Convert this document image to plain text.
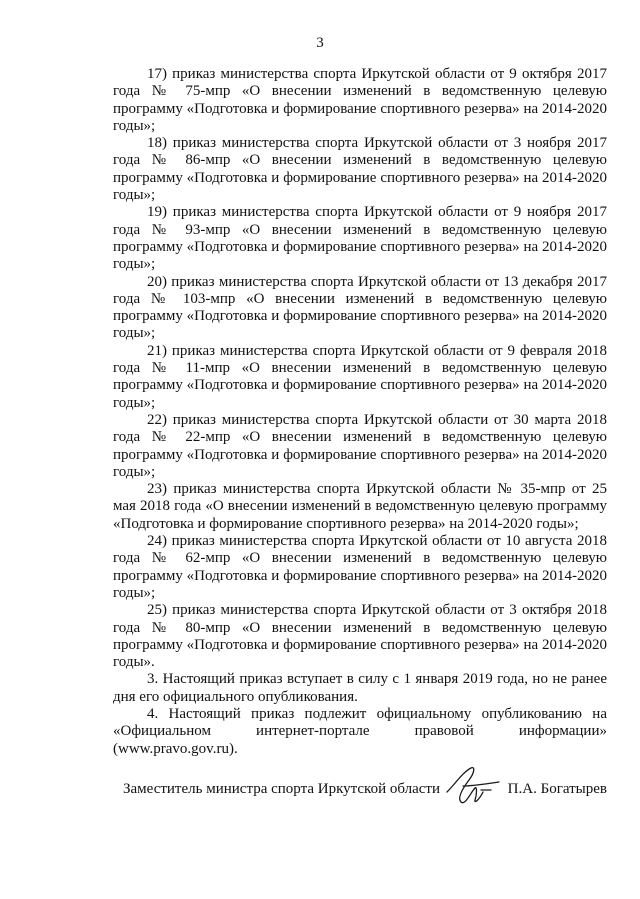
3

17) приказ министерства спорта Иркутской области от 9 октября 2017 года № 75-мпр «О внесении изменений в ведомственную целевую программу «Подготовка и формирование спортивного резерва» на 2014-2020 годы»;

18) приказ министерства спорта Иркутской области от 3 ноября 2017 года № 86-мпр «О внесении изменений в ведомственную целевую программу «Подготовка и формирование спортивного резерва» на 2014-2020 годы»;

19) приказ министерства спорта Иркутской области от 9 ноября 2017 года № 93-мпр «О внесении изменений в ведомственную целевую программу «Подготовка и формирование спортивного резерва» на 2014-2020 годы»;

20) приказ министерства спорта Иркутской области от 13 декабря 2017 года № 103-мпр «О внесении изменений в ведомственную целевую программу «Подготовка и формирование спортивного резерва» на 2014-2020 годы»;

21) приказ министерства спорта Иркутской области от 9 февраля 2018 года № 11-мпр «О внесении изменений в ведомственную целевую программу «Подготовка и формирование спортивного резерва» на 2014-2020 годы»;

22) приказ министерства спорта Иркутской области от 30 марта 2018 года № 22-мпр «О внесении изменений в ведомственную целевую программу «Подготовка и формирование спортивного резерва» на 2014-2020 годы»;

23) приказ министерства спорта Иркутской области № 35-мпр от 25 мая 2018 года «О внесении изменений в ведомственную целевую программу «Подготовка и формирование спортивного резерва» на 2014-2020 годы»;

24) приказ министерства спорта Иркутской области от 10 августа 2018 года № 62-мпр «О внесении изменений в ведомственную целевую программу «Подготовка и формирование спортивного резерва» на 2014-2020 годы»;

25) приказ министерства спорта Иркутской области от 3 октября 2018 года № 80-мпр «О внесении изменений в ведомственную целевую программу «Подготовка и формирование спортивного резерва» на 2014-2020 годы».

3. Настоящий приказ вступает в силу с 1 января 2019 года, но не ранее дня его официального опубликования.

4. Настоящий приказ подлежит официальному опубликованию на «Официальном интернет-портале правовой информации» (www.pravo.gov.ru).

Заместитель министра спорта Иркутской области	П.А. Богатырев
